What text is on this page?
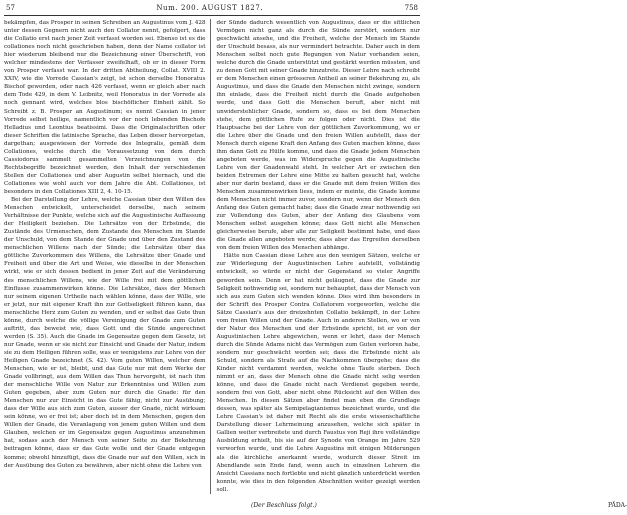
57	Num. 200. AUGUST 1827.	758

bekämpfen, das Prosper in seinen Schreiben an Augustinus vom J. 428 unter dessen Gegnern nicht auch den Collator nennt, gefolgert, dass die Collatio erst nach jener Zeit verfasst worden sei. Ebenso ist es die collationes noch nicht geschrieben haben, denn der Name collator ist hier wiederum bleibend nur die Bezeichnung einer Überschrift, von welcher mindestens der Verfasser zweifelhaft, ob er in dieser Form von Prosper verfasst war. In der dritten Abtheilung, Collat. XVIII 2. XXIV, wie die Vorrede Cassian's zeigt, ist schon derselbe Honoratus Bischof geworden, oder nach 426 verfasst, wenn er gleich aber nach dem Tode 429, in dem V. Leibnitz, weil Honoratus in der Vorrede als noch gennant wird, welches blos bischöflicher Einheit zählt. So Schreibt z. B. Prosper an Augustinum; es nennt Cassian in jener Vorrede selbst heilige, namentlich vor der noch lebenden Bischofe Helladius und Leontius beatissimi. Dass die Originalschriften oder dieser Schriften die latinische Sprache, das Leben dieser hervorgetan, dargethan; ausgewiesen der Vorrede des Integralis, gemäß dem Collationes, welche durch die Voraussetzung von dem durch Cassiodorus sammelt gesammelten Verzeichnungen von die Rechtsbegriffe bezeichnet werden, den Inhalt der verschiedenen Stellen der Collationes und aber Augustin selbst hiernach, und die Collationes wie wohl auch vor dem Jahre die Abt. Collationes, ist besonders in den Collationes XIII 2, 4. 10-15.

Bei der Darstellung der Lehre, welche Cassian über den Willen des Menschen entwickelt, unterscheidet derselbe, nach seinem Verhältnisse der Punkte, welche sich auf die Augustinische Auffassung der Heiligkeit beziehen. Die Lehrsätze von der Erbsünde, die Zustände des Urmenschen, dem Zustande des Menschen im Stande der Unschuld, von dem Stande der Gnade und über den Zustand des menschlichen Willens nach der Sünde; die Lehrsätze über das göttliche Zuvorkommen des Willens, die Lehrsätze über Gnade und Freiheit und über die Art und Weise, wie dieselbe in der Menschen wirkt, wie er sich dessen bedient in jener Zeit auf die Veränderung des menschlichen Willens, wie der Wille frei mit dem göttlichen Einflusse zusammenwirken könne. Die Lehrsätze, dass der Mensch nur seinem eigenen Urtheile nach wählen könne, dass der Wille, wie er jetzt, nur mit eigener Kraft ihn zur Gottseligkeit führen kann, das menschliche Herz zum Guten zu wenden, und er selbst das Gute thun könne, durch welche die völlige Vereinigung der Gnade zum Guten auftritt, das beweist wie, dass Gott und die Sünde angerechnet werden (S. 35). Auch die Gnade im Gegensatze gegen dem Gesetz, ist nur Gnade, wenn er sie nicht zur Einsicht und Gnade der Natur, indem sie zu dem Heiligen führen solle, was er wenigstens zur Lehre von der Heiligen Gnade bezeichnet (S. 42). Vom guten Willen, welcher dem Menschen, wie er ist, bleibt, und das Gute nur mit dem Werke der Gnade vollbringt, aus dem Willen das Thun hervorgeht, ist nach ihm der menschliche Wille von Natur zur Erkenntniss und Willen zum Guten gegeben, aber zum Guten nur durch die Gnade: für den Menschen nur zur Einsicht in das Gute fähig, nicht zur Ausübung; dass der Wille aus sich zum Guten, ausser der Gnade, nicht wirksam sein könne, wo er frei ist; aber doch ist in dem Menschen, gegen den Willen der Gnade, die Veranlagung von jenem guten Willen und dem Glauben, welchen er im Gegensatze gegen Augustinus anzunehmen hat, sodass auch der Mensch von seiner Seite zu der Bekehrung beitragen könne, dass er das Gute wolle und der Gnade entgegen komme; obwohl hinzufügt, dass die Gnade nur auf den Willen, sich in der Ausübung des Guten zu bewähren, aber nicht ohne die Lehre von

der Sünde dadurch wesentlich von Augustinus, dass er die sittlichen Vermögen nicht ganz als durch die Sünde zerstört, sondern nur geschwächt ansehe, und die Freiheit, welche der Mensch im Stande der Unschuld besass, als nur vermindert betrachte. Daher auch in dem Menschen selbst noch gute Regungen von Natur vorhanden seien, welche durch die Gnade unterstützt und gestärkt werden müssten, und zu denen Gott mit seiner Gnade hinzutrete. Dieser Lehre nach schreibt er dem Menschen einen grösseren Antheil an seiner Bekehrung zu, als Augustinus, und dass die Gnade den Menschen nicht zwinge, sondern ihn einlade, dass die Freiheit nicht durch die Gnade aufgehoben werde, und dass Gott die Menschen beruft, aber nicht mit unwiderstehlicher Gnade, sondern so, dass es bei dem Menschen stehe, dem göttlichen Rufe zu folgen oder nicht. Dies ist die Hauptsache bei der Lehre von der göttlichen Zuvorkommung, wo er die Lehre über die Gnade und den freien Willen aufstellt, dass der Mensch durch eigene Kraft den Anfang des Guten machen könne, dass ihm dann Gott zu Hülfe komme, und dass die Gnade jedem Menschen angeboten werde, was im Widerspruche gegen die Augustinische Lehre von der Gnadenwahl steht. In welcher Art er zwischen den beiden Extremen der Lehre eine Mitte zu halten gesucht hat, welche aber nur darin bestand, dass er die Gnade mit dem freien Willen des Menschen zusammenwirken liess, indem er meinte, die Gnade komme dem Menschen nicht immer zuvor, sondern nur, wenn der Mensch den Anfang des Guten gemacht habe; dass die Gnade zwar nothwendig sei zur Vollendung des Guten, aber der Anfang des Glaubens vom Menschen selbst ausgehen könne; dass Gott nicht alle Menschen gleicherweise berufe, aber alle zur Seligkeit bestimmt habe, und dass die Gnade allen angeboten werde; dass aber das Ergreifen derselben von dem freien Willen des Menschen abhänge.

Hätte nun Cassian diese Lehre aus den wenigen Sätzen, welche er zur Widerlegung der Augustinischen Lehre aufstellt, vollständig entwickelt, so würde er nicht der Gegenstand so vieler Angriffe geworden sein. Denn er hat nicht geläugnet, dass die Gnade zur Seligkeit nothwendig sei, sondern nur behauptet, dass der Mensch von sich aus zum Guten sich wenden könne. Dies wird ihm besonders in der Schrift des Prosper Contra Collatorem vorgeworfen, welche die Sätze Cassian's aus der dreizehnten Collatio bekämpft, in der Lehre vom freien Willen und der Gnade. Auch in anderen Stellen, wo er von der Natur des Menschen und der Erbsünde spricht, ist er von der Augustinischen Lehre abgewichen, wenn er lehrt, dass der Mensch durch die Sünde Adams nicht das Vermögen zum Guten verloren habe, sondern nur geschwächt worden sei; dass die Erbsünde nicht als Schuld, sondern als Strafe auf die Nachkommen übergehe; dass die Kinder nicht verdammt werden, welche ohne Taufe sterben. Doch nimmt er an, dass der Mensch ohne die Gnade nicht selig werden könne, und dass die Gnade nicht nach Verdienst gegeben werde, sondern frei von Gott, aber nicht ohne Rücksicht auf den Willen des Menschen. In diesen Sätzen aber findet man eben die Grundlage dessen, was später als Semipelagianismus bezeichnet wurde, und die Lehre Cassian's ist daher mit Recht als die erste wissenschaftliche Darstellung dieser Lehrmeinung anzusehen, welche sich später in Gallien weiter verbreitete und durch Faustus von Reji ihre vollständige Ausbildung erhielt, bis sie auf der Synode von Orange im Jahre 529 verworfen wurde, und die Lehre Augustins mit einigen Milderungen als die kirchliche anerkannt wurde, wodurch dieser Streit im Abendlande sein Ende fand, wenn auch in einzelnen Lehrern die Ansicht Cassians noch fortlebte und nicht gänzlich unterdrückt werden konnte, wie dies in den folgenden Abschnitten weiter gezeigt werden soll.

(Der Beschluss folgt.)	PÄDA-
